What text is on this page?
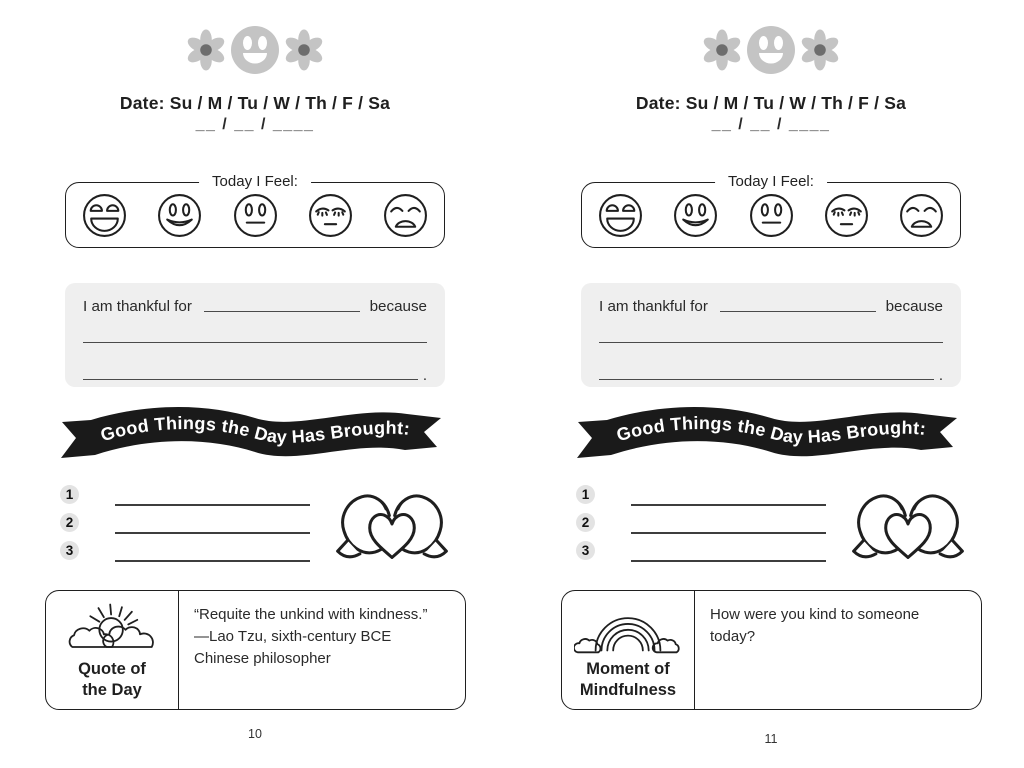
Date: Su / M / Tu / W / Th / F / Sa
__ / __ / ____
Today I Feel:
I am thankful for	because
.
Good Things the Day Has Brought:
1
2
3
Quote of
the Day
“Requite the unkind with kindness.”
—Lao Tzu, sixth-century BCE
Chinese philosopher
10
Date: Su / M / Tu / W / Th / F / Sa
__ / __ / ____
Today I Feel:
I am thankful for	because
.
Good Things the Day Has Brought:
1
2
3
Moment of
Mindfulness
How were you kind to someone today?
11
